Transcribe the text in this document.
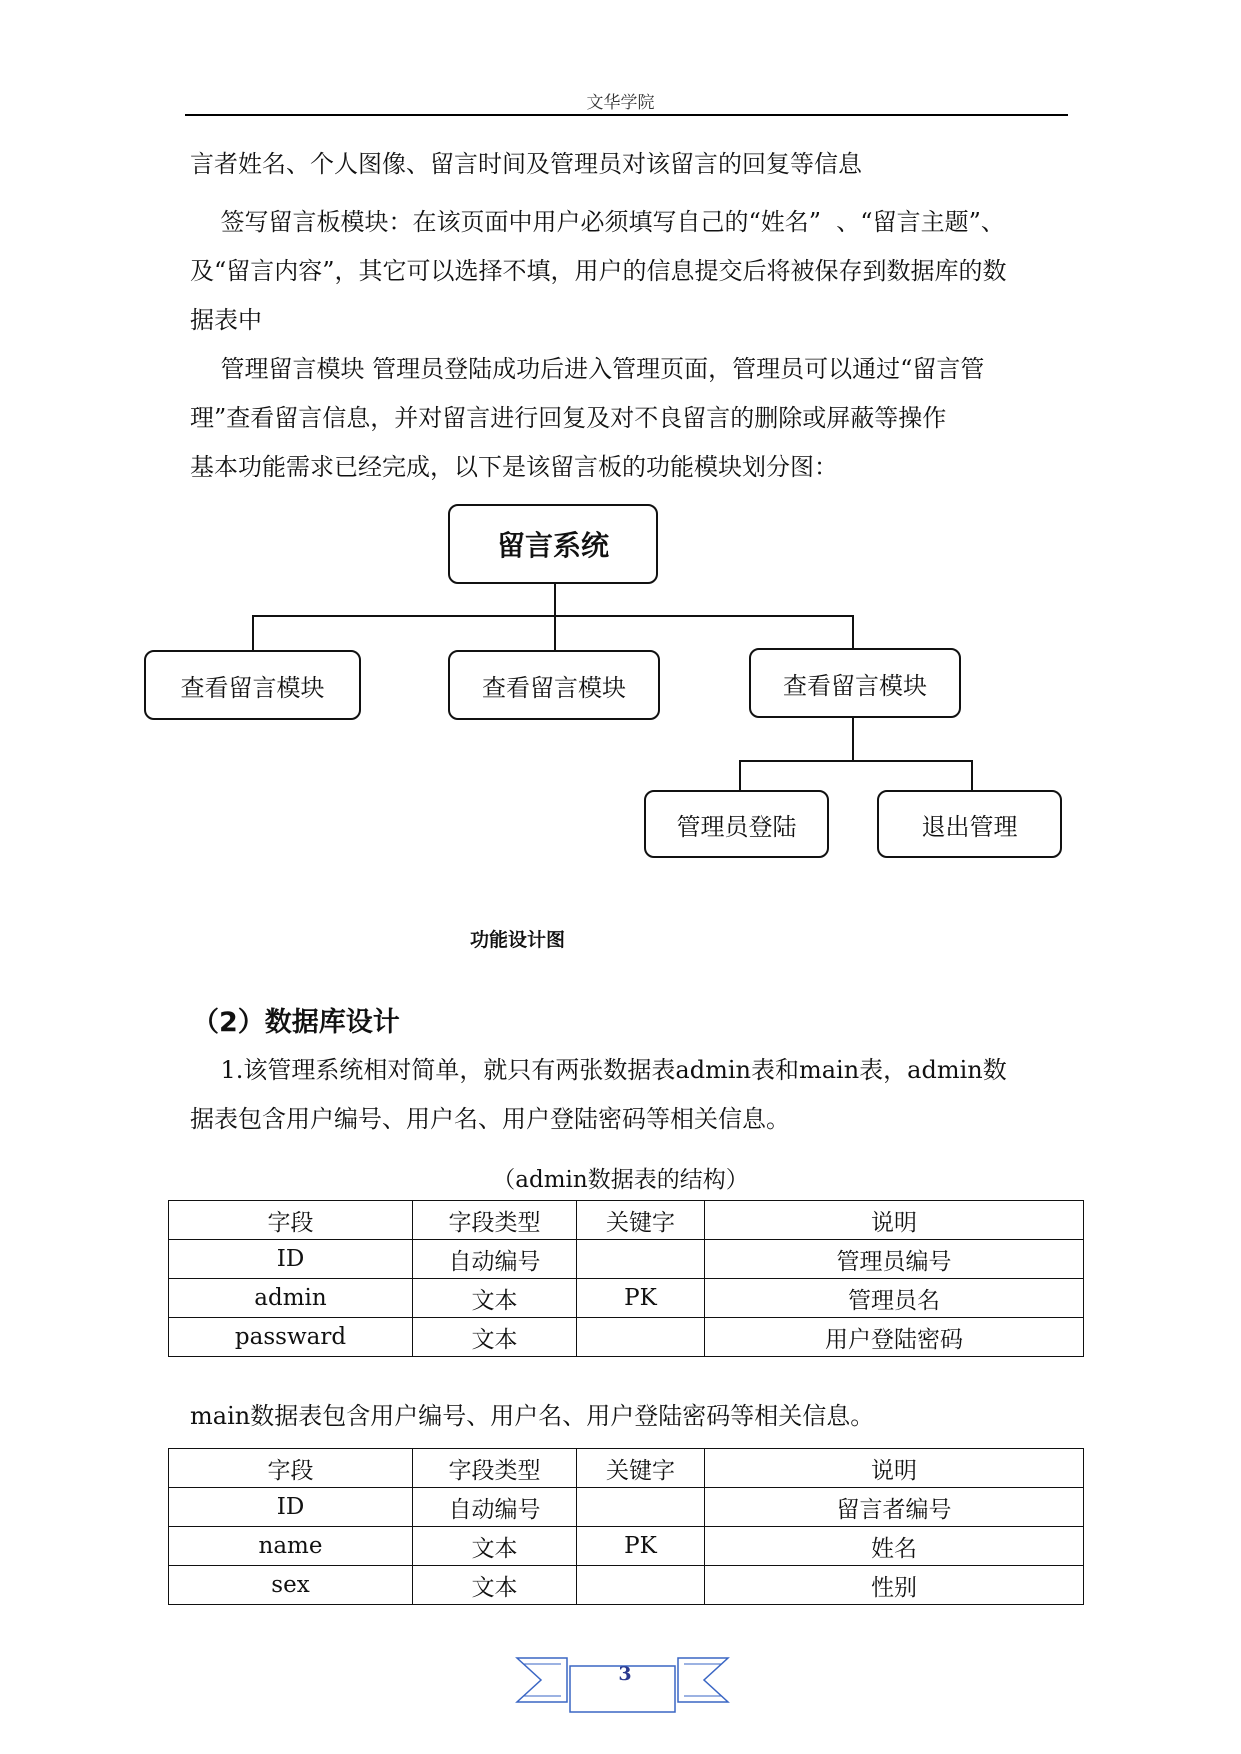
文华学院
言者姓名、个人图像、留言时间及管理员对该留言的回复等信息
签写留言板模块：在该页面中用户必须填写自己的“姓名”  、“留言主题”、
及“留言内容”，其它可以选择不填，用户的信息提交后将被保存到数据库的数
据表中
管理留言模块 管理员登陆成功后进入管理页面，管理员可以通过“留言管
理”查看留言信息，并对留言进行回复及对不良留言的删除或屏蔽等操作
基本功能需求已经完成，以下是该留言板的功能模块划分图：
留言系统
查看留言模块	查看留言模块	查看留言模块
管理员登陆	退出管理
功能设计图
（2）数据库设计
1.该管理系统相对简单，就只有两张数据表admin表和main表，admin数
据表包含用户编号、用户名、用户登陆密码等相关信息。
（admin数据表的结构）
字段	字段类型	关键字	说明
ID	自动编号		管理员编号
admin	文本	PK	管理员名
passward	文本		用户登陆密码
main数据表包含用户编号、用户名、用户登陆密码等相关信息。
字段	字段类型	关键字	说明
ID	自动编号		留言者编号
name	文本	PK	姓名
sex	文本		性别
3
